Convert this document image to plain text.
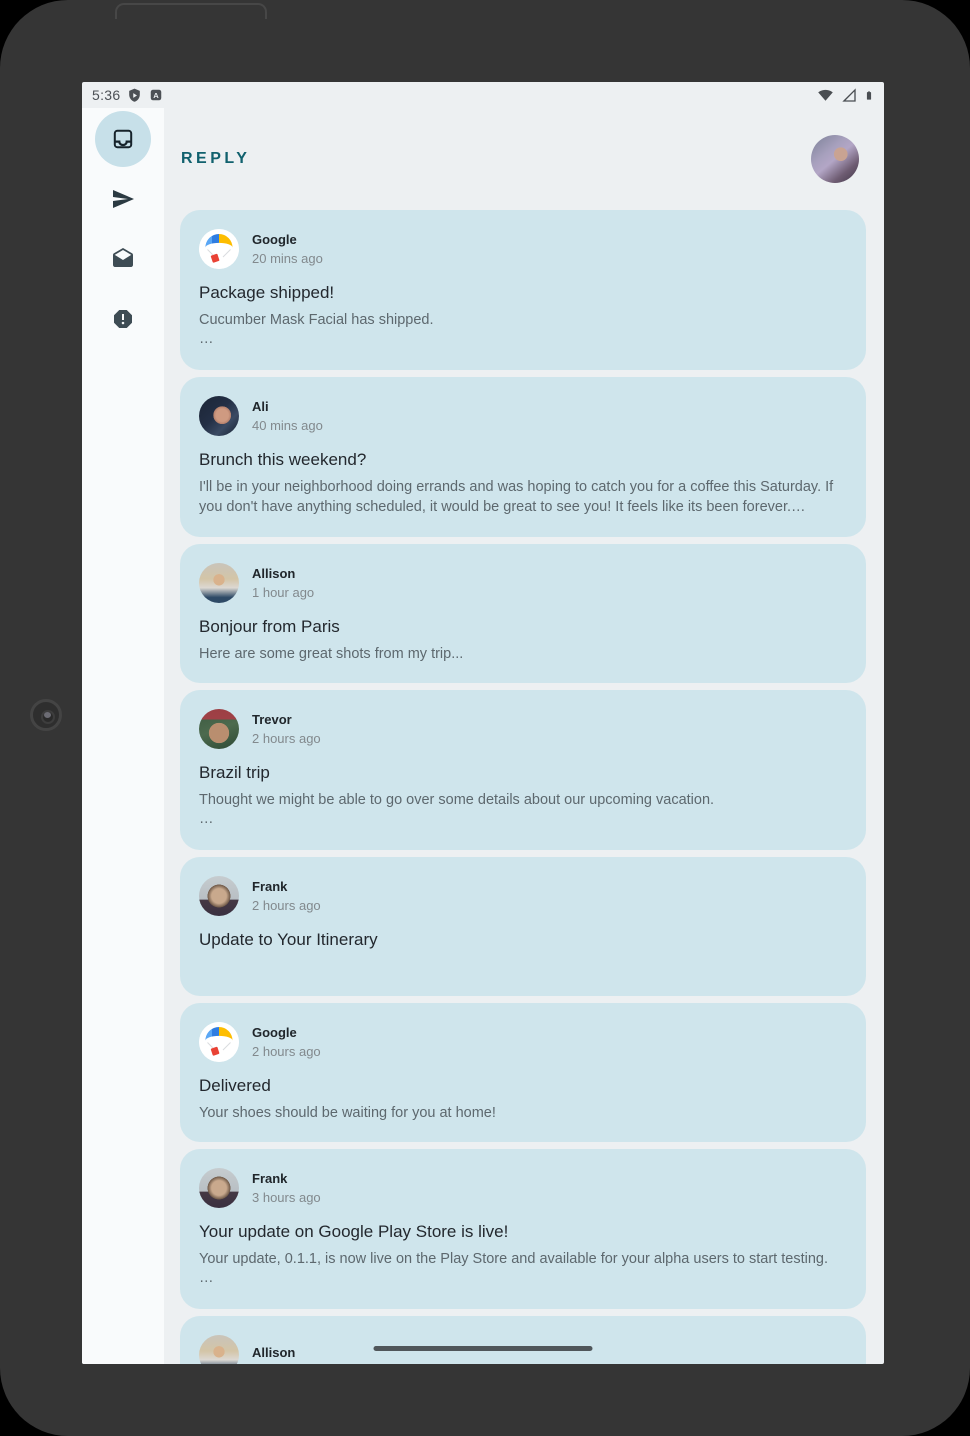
5:36	A
REPLY
Google
20 mins ago
Package shipped!
Cucumber Mask Facial has shipped.
…
Ali
40 mins ago
Brunch this weekend?
I'll be in your neighborhood doing errands and was hoping to catch you for a coffee this Saturday. If you don't have anything scheduled, it would be great to see you! It feels like its been forever.…
Allison
1 hour ago
Bonjour from Paris
Here are some great shots from my trip...
Trevor
2 hours ago
Brazil trip
Thought we might be able to go over some details about our upcoming vacation.
…
Frank
2 hours ago
Update to Your Itinerary
Google
2 hours ago
Delivered
Your shoes should be waiting for you at home!
Frank
3 hours ago
Your update on Google Play Store is live!
Your update, 0.1.1, is now live on the Play Store and available for your alpha users to start testing.
…
Allison
